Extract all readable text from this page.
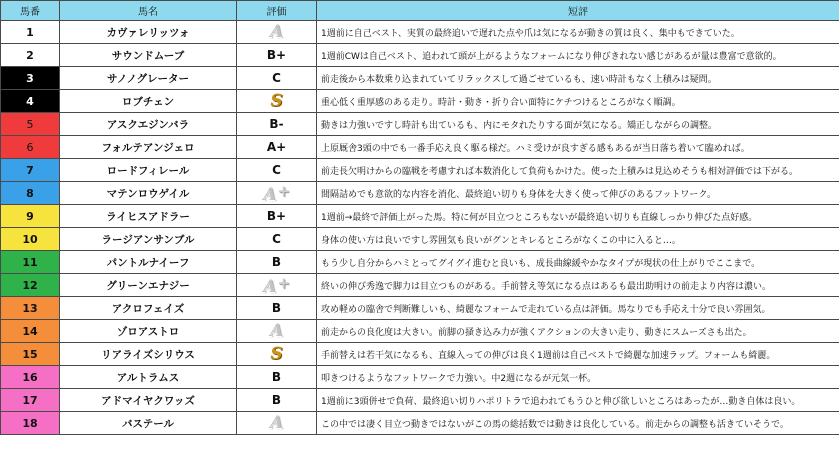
馬番	馬名	評価	短評
1	カヴァレリッツォ	A	1週前に自己ベスト、実質の最終追いで遅れた点や爪は気になるが動きの質は良く、集中もできていた。
2	サウンドムーブ	B+	1週前CWは自己ベスト、追われて頭が上がるようなフォームになり伸びきれない感じがあるが量は豊富で意欲的。
3	サノノグレーター	C	前走後から本数乗り込まれていてリラックスして過ごせているも、速い時計もなく上積みは疑問。
4	ロブチェン	S	重心低く重厚感のある走り。時計・動き・折り合い面特にケチつけるところがなく順調。
5	アスクエジンバラ	B-	動きは力強いですし時計も出ているも、内にモタれたりする面が気になる。矯正しながらの調整。
6	フォルテアンジェロ	A+	上原厩舎3頭の中でも一番手応え良く駆る様だ。ハミ受けが良すぎる感もあるが当日落ち着いて臨めれば。
7	ロードフィレール	C	前走長欠明けからの臨戦を考慮すれば本数消化して負荷もかけた。使った上積みは見込めそうも相対評価では下がる。
8	マテンロウゲイル	A+	間隔詰めでも意欲的な内容を消化、最終追い切りも身体を大きく使って伸びのあるフットワーク。
9	ライヒスアドラー	B+	1週前→最終で評価上がった馬。特に何が目立つところもないが最終追い切りも直線しっかり伸びた点好感。
10	ラージアンサンブル	C	身体の使い方は良いですし雰囲気も良いがグンとキレるところがなくこの中に入ると…。
11	パントルナイーフ	B	もう少し自分からハミとってグイグイ進むと良いも、成長曲線緩やかなタイプが現状の仕上がりでここまで。
12	グリーンエナジー	A+	終いの伸び秀逸で脚力は目立つものがある。手前替え等気になる点はあるも最出助明けの前走より内容は濃い。
13	アクロフェイズ	B	攻め軽めの臨舎で判断難しいも、綺麗なフォームで走れている点は評価。馬なりでも手応え十分で良い雰囲気。
14	ゾロアストロ	A	前走からの良化度は大きい。前脚の掻き込み力が強くアクションの大きい走り、動きにスムーズさも出た。
15	リアライズシリウス	S	手前替えは若干気になるも、直線入っての伸びは良く1週前は自己ベストで綺麗な加速ラップ。フォームも綺麗。
16	アルトラムス	B	叩きつけるようなフットワークで力強い。中2週になるが元気一杯。
17	アドマイヤクワッズ	B	1週前に3頭併せで負荷、最終追い切りハポリトラで追われてもうひと伸び欲しいところはあったが…動き自体は良い。
18	バステール	A	この中では凄く目立つ動きではないがこの馬の総括数では動きは良化している。前走からの調整も活きていそうで。
